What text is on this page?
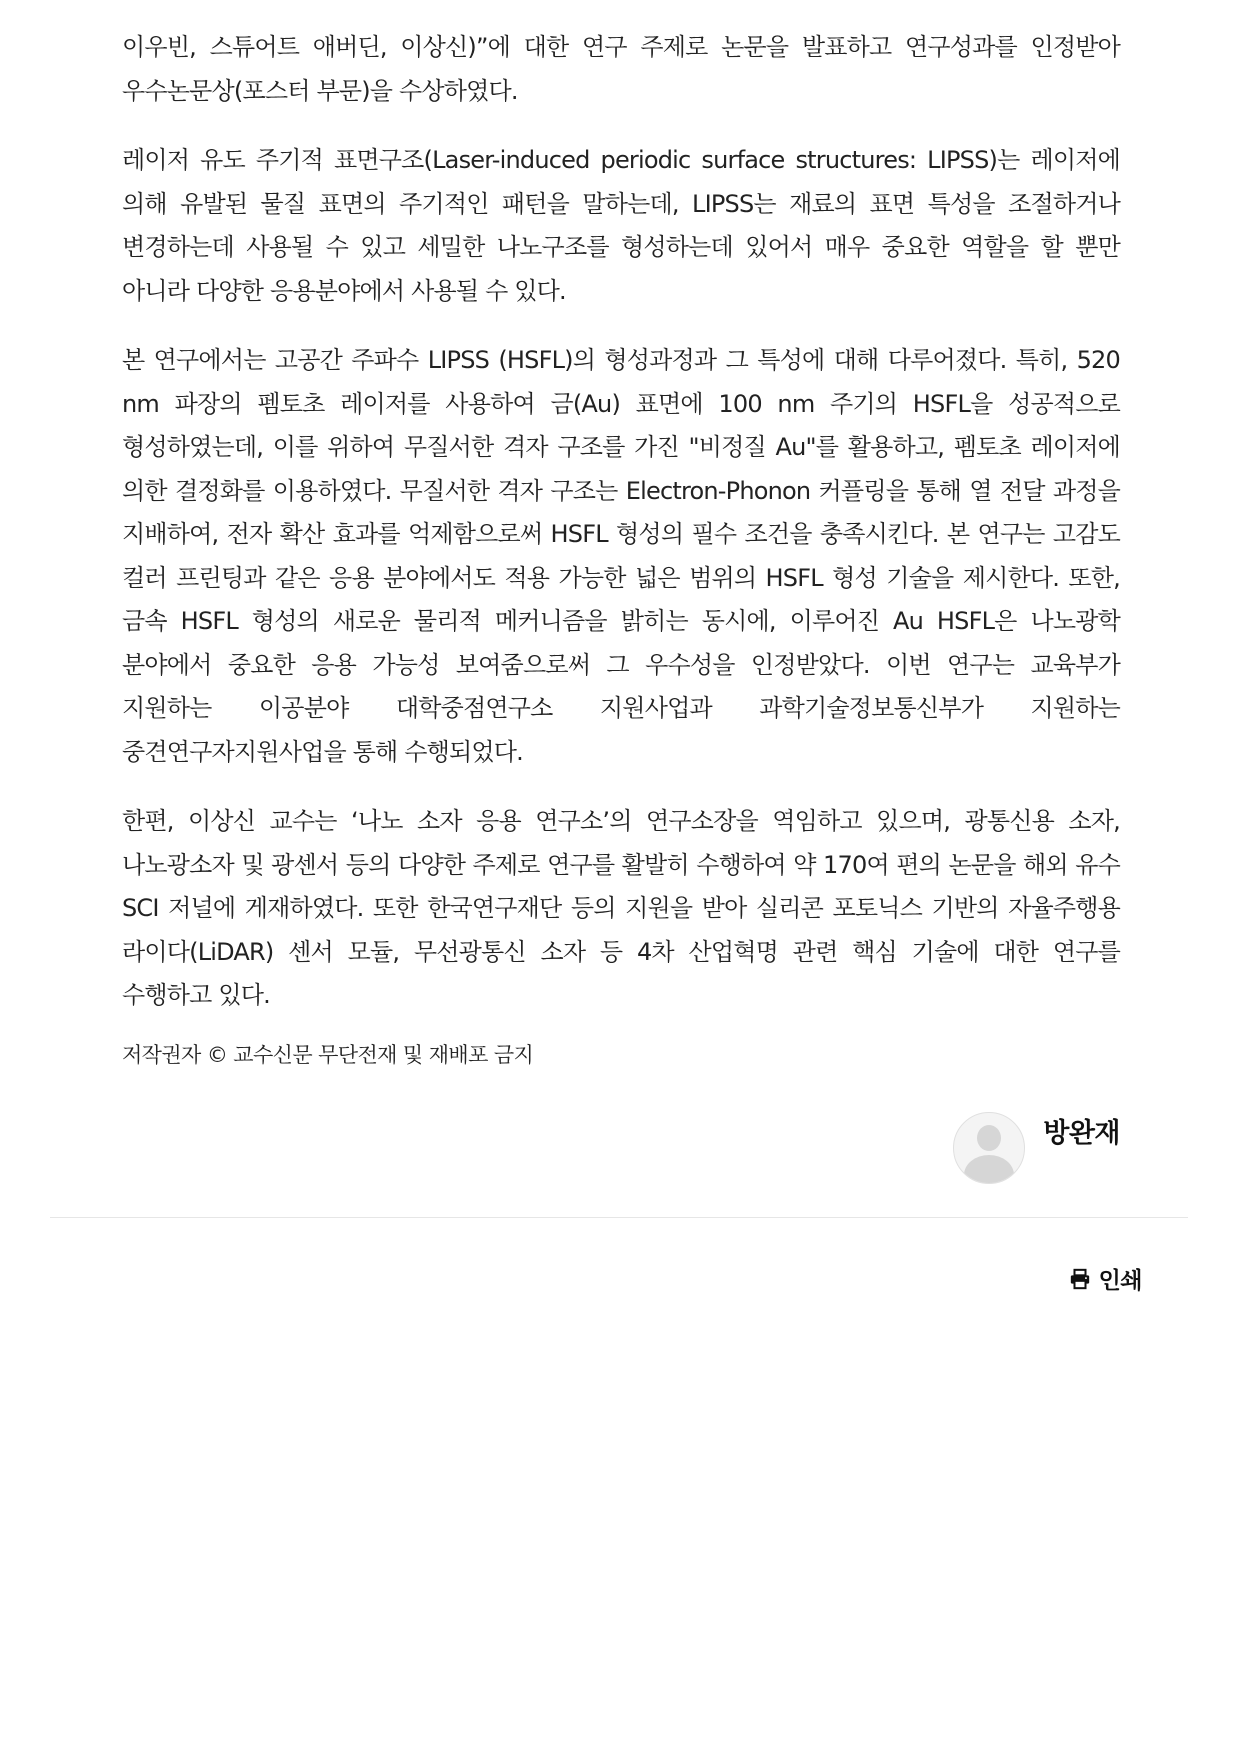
이우빈, 스튜어트 애버딘, 이상신)”에 대한 연구 주제로 논문을 발표하고 연구성과를 인정받아 우수논문상(포스터 부문)을 수상하였다.

레이저 유도 주기적 표면구조(Laser-induced periodic surface structures: LIPSS)는 레이저에 의해 유발된 물질 표면의 주기적인 패턴을 말하는데, LIPSS는 재료의 표면 특성을 조절하거나 변경하는데 사용될 수 있고 세밀한 나노구조를 형성하는데 있어서 매우 중요한 역할을 할 뿐만 아니라 다양한 응용분야에서 사용될 수 있다.

본 연구에서는 고공간 주파수 LIPSS (HSFL)의 형성과정과 그 특성에 대해 다루어졌다. 특히, 520 nm 파장의 펨토초 레이저를 사용하여 금(Au) 표면에 100 nm 주기의 HSFL을 성공적으로 형성하였는데, 이를 위하여 무질서한 격자 구조를 가진 "비정질 Au"를 활용하고, 펨토초 레이저에 의한 결정화를 이용하였다. 무질서한 격자 구조는 Electron-Phonon 커플링을 통해 열 전달 과정을 지배하여, 전자 확산 효과를 억제함으로써 HSFL 형성의 필수 조건을 충족시킨다. 본 연구는 고감도 컬러 프린팅과 같은 응용 분야에서도 적용 가능한 넓은 범위의 HSFL 형성 기술을 제시한다. 또한, 금속 HSFL 형성의 새로운 물리적 메커니즘을 밝히는 동시에, 이루어진 Au HSFL은 나노광학 분야에서 중요한 응용 가능성 보여줌으로써 그 우수성을 인정받았다. 이번 연구는 교육부가 지원하는 이공분야 대학중점연구소 지원사업과 과학기술정보통신부가 지원하는 중견연구자지원사업을 통해 수행되었다.

한편, 이상신 교수는 ‘나노 소자 응용 연구소’의 연구소장을 역임하고 있으며, 광통신용 소자, 나노광소자 및 광센서 등의 다양한 주제로 연구를 활발히 수행하여 약 170여 편의 논문을 해외 유수 SCI 저널에 게재하였다. 또한 한국연구재단 등의 지원을 받아 실리콘 포토닉스 기반의 자율주행용 라이다(LiDAR) 센서 모듈, 무선광통신 소자 등 4차 산업혁명 관련 핵심 기술에 대한 연구를 수행하고 있다.

저작권자 © 교수신문 무단전재 및 재배포 금지
방완재
인쇄
